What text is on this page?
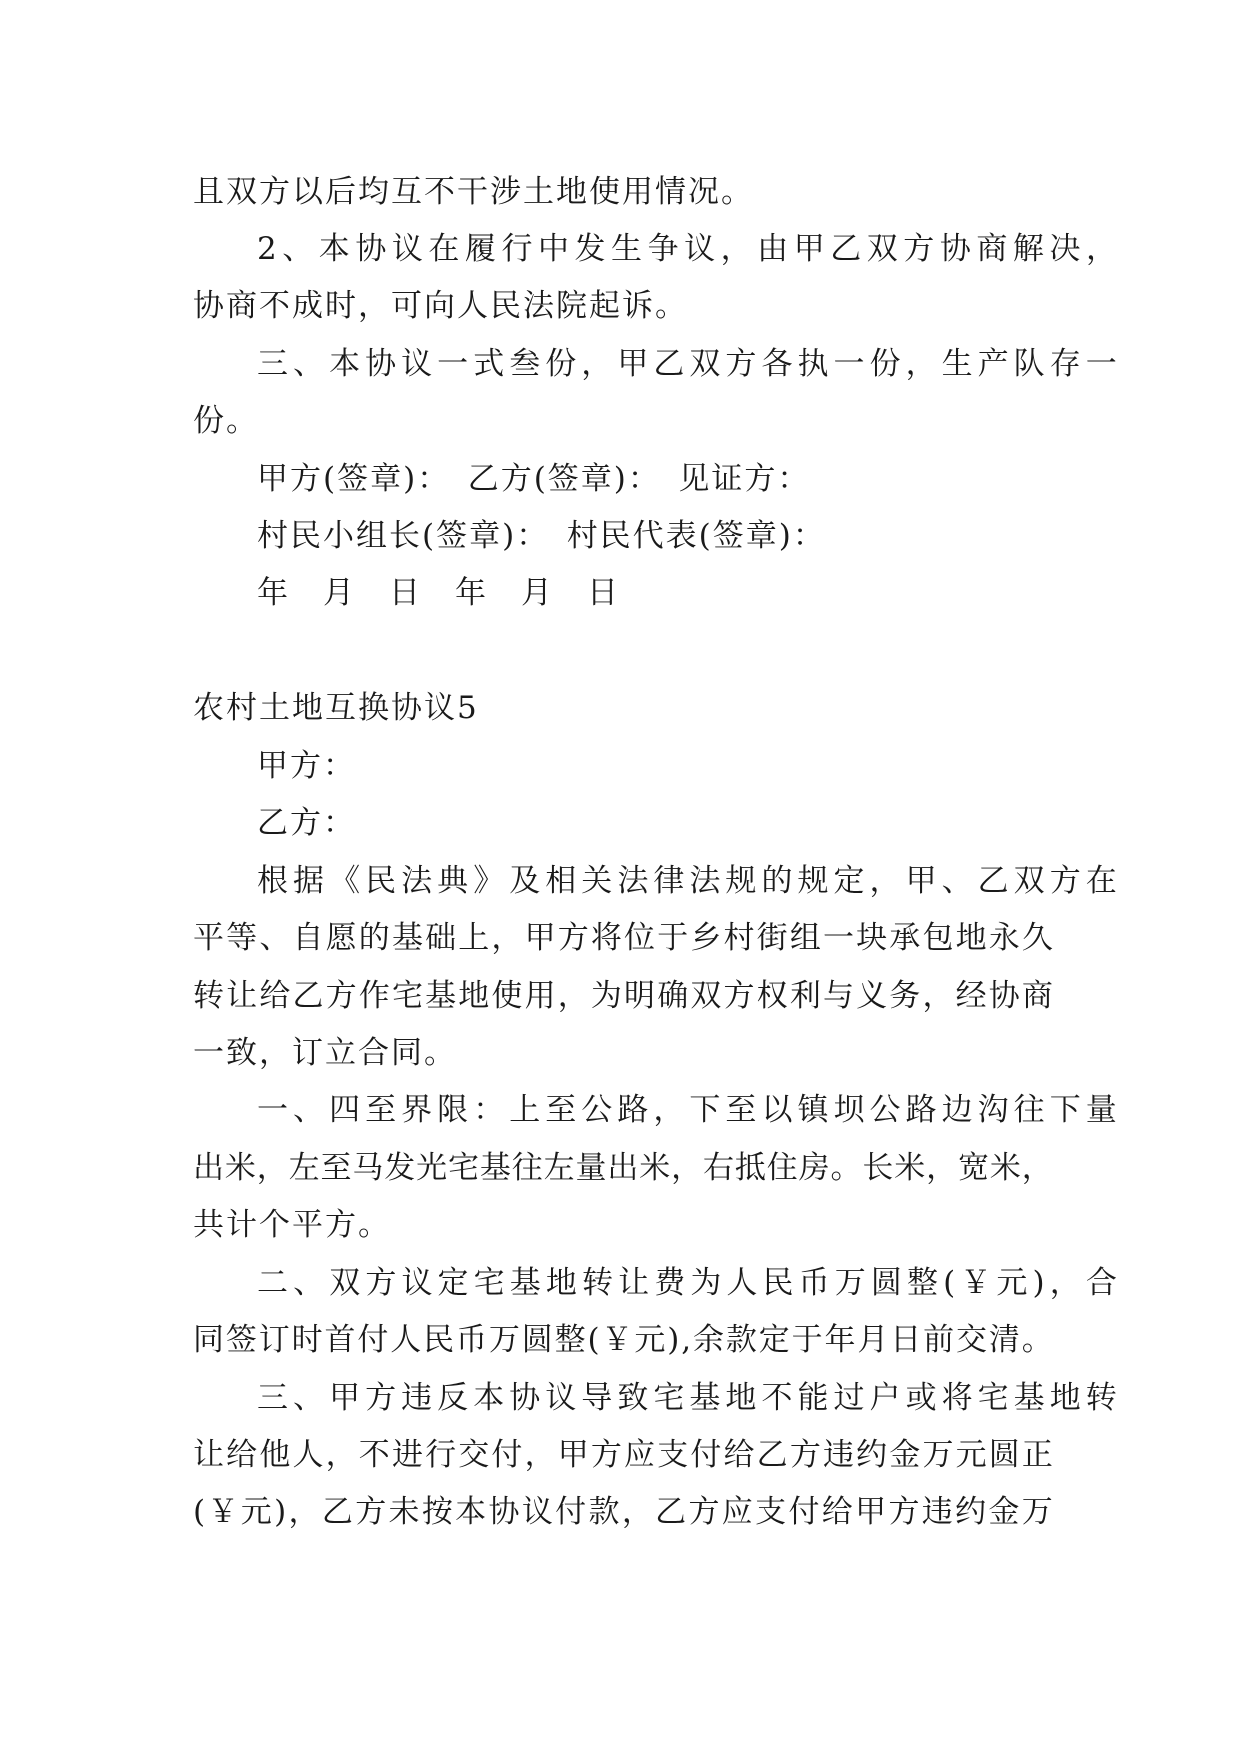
且双方以后均互不干涉土地使用情况。
2 、 本 协 议 在 履 行 中 发 生 争 议 ， 由 甲 乙 双 方 协 商 解 决 ，
协商不成时，可向人民法院起诉。
三 、 本 协 议 一 式 叁 份 ， 甲 乙 双 方 各 执 一 份 ， 生 产 队 存 一
份。
甲方(签章)：　乙方(签章)：　见证方：
村民小组长(签章)：　村民代表(签章)：
年　月　日　年　月　日
农村土地互换协议5
甲方：
乙方：
根 据 《 民 法 典 》 及 相 关 法 律 法 规 的 规 定 ， 甲 、 乙 双 方 在
平 等 、 自 愿 的 基 础 上 ， 甲 方 将 位 于 乡 村 街 组 一 块 承 包 地 永 久
转 让 给 乙 方 作 宅 基 地 使 用 ， 为 明 确 双 方 权 利 与 义 务 ， 经 协 商
一致，订立合同。
一 、 四 至 界 限 ： 上 至 公 路 ， 下 至 以 镇 坝 公 路 边 沟 往 下 量
出 米 ， 左 至 马 发 光 宅 基 往 左 量 出 米 ， 右 抵 住 房 。 长 米 ， 宽 米 ，
共计个平方。
二 、 双 方 议 定 宅 基 地 转 让 费 为 人 民 币 万 圆 整 ( ￥ 元 ) ， 合
同 签 订 时 首 付 人 民 币 万 圆 整 ( ￥ 元 ) , 余 款 定 于 年 月 日 前 交 清 。
三 、 甲 方 违 反 本 协 议 导 致 宅 基 地 不 能 过 户 或 将 宅 基 地 转
让 给 他 人 ， 不 进 行 交 付 ， 甲 方 应 支 付 给 乙 方 违 约 金 万 元 圆 正
( ￥ 元 ) ， 乙 方 未 按 本 协 议 付 款 ， 乙 方 应 支 付 给 甲 方 违 约 金 万
